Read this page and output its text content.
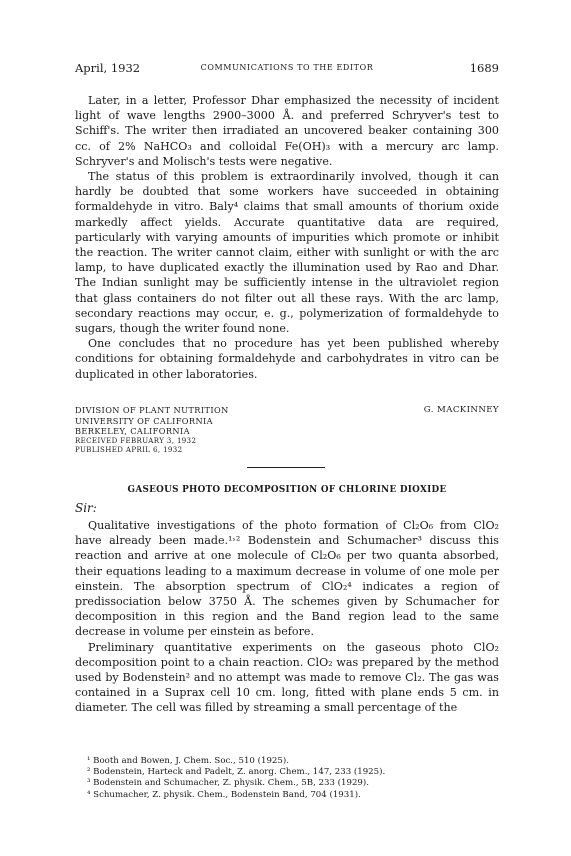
April, 1932	COMMUNICATIONS TO THE EDITOR	1689

Later, in a letter, Professor Dhar emphasized the necessity of incident light of wave lengths 2900–3000 Å. and preferred Schryver's test to Schiff's. The writer then irradiated an uncovered beaker containing 300 cc. of 2% NaHCO₃ and colloidal Fe(OH)₃ with a mercury arc lamp. Schryver's and Molisch's tests were negative.

The status of this problem is extraordinarily involved, though it can hardly be doubted that some workers have succeeded in obtaining formaldehyde in vitro. Baly⁴ claims that small amounts of thorium oxide markedly affect yields. Accurate quantitative data are required, particularly with varying amounts of impurities which promote or inhibit the reaction. The writer cannot claim, either with sunlight or with the arc lamp, to have duplicated exactly the illumination used by Rao and Dhar. The Indian sunlight may be sufficiently intense in the ultraviolet region that glass containers do not filter out all these rays. With the arc lamp, secondary reactions may occur, e. g., polymerization of formaldehyde to sugars, though the writer found none.

One concludes that no procedure has yet been published whereby conditions for obtaining formaldehyde and carbohydrates in vitro can be duplicated in other laboratories.

DIVISION OF PLANT NUTRITION
UNIVERSITY OF CALIFORNIA
BERKELEY, CALIFORNIA
RECEIVED FEBRUARY 3, 1932
PUBLISHED APRIL 6, 1932
G. MACKINNEY
GASEOUS PHOTO DECOMPOSITION OF CHLORINE DIOXIDE
Sir:

Qualitative investigations of the photo formation of Cl₂O₆ from ClO₂ have already been made.¹˒² Bodenstein and Schumacher³ discuss this reaction and arrive at one molecule of Cl₂O₆ per two quanta absorbed, their equations leading to a maximum decrease in volume of one mole per einstein. The absorption spectrum of ClO₂⁴ indicates a region of predissociation below 3750 Å. The schemes given by Schumacher for decomposition in this region and the Band region lead to the same decrease in volume per einstein as before.

Preliminary quantitative experiments on the gaseous photo ClO₂ decomposition point to a chain reaction. ClO₂ was prepared by the method used by Bodenstein² and no attempt was made to remove Cl₂. The gas was contained in a Suprax cell 10 cm. long, fitted with plane ends 5 cm. in diameter. The cell was filled by streaming a small percentage of the

¹ Booth and Bowen, J. Chem. Soc., 510 (1925).

² Bodenstein, Harteck and Padelt, Z. anorg. Chem., 147, 233 (1925).

³ Bodenstein and Schumacher, Z. physik. Chem., 5B, 233 (1929).

⁴ Schumacher, Z. physik. Chem., Bodenstein Band, 704 (1931).
